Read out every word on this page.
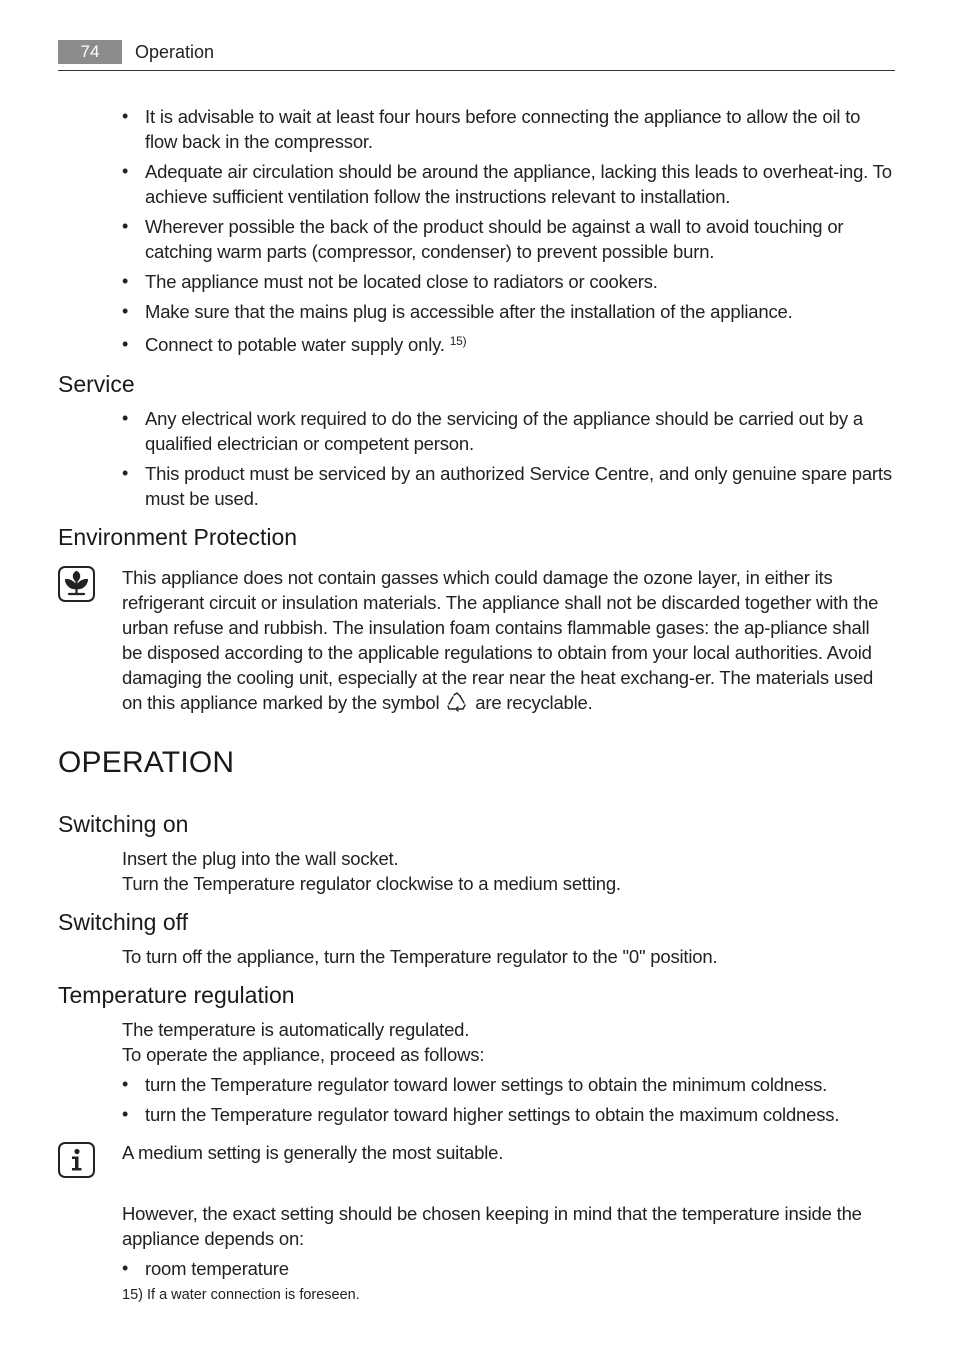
74	Operation
• It is advisable to wait at least four hours before connecting the appliance to allow the oil to flow back in the compressor.
• Adequate air circulation should be around the appliance, lacking this leads to overheat-ing. To achieve sufficient ventilation follow the instructions relevant to installation.
• Wherever possible the back of the product should be against a wall to avoid touching or catching warm parts (compressor, condenser) to prevent possible burn.
• The appliance must not be located close to radiators or cookers.
• Make sure that the mains plug is accessible after the installation of the appliance.
• Connect to potable water supply only. $^{15)}$
Service
• Any electrical work required to do the servicing of the appliance should be carried out by a qualified electrician or competent person.
• This product must be serviced by an authorized Service Centre, and only genuine spare parts must be used.
Environment Protection
This appliance does not contain gasses which could damage the ozone layer, in either its refrigerant circuit or insulation materials. The appliance shall not be discarded together with the urban refuse and rubbish. The insulation foam contains flammable gases: the ap-pliance shall be disposed according to the applicable regulations to obtain from your local authorities. Avoid damaging the cooling unit, especially at the rear near the heat exchang-er. The materials used on this appliance marked by the symbol are recyclable.
OPERATION
Switching on
Insert the plug into the wall socket.
Turn the Temperature regulator clockwise to a medium setting.
Switching off
To turn off the appliance, turn the Temperature regulator to the "0" position.
Temperature regulation
The temperature is automatically regulated.
To operate the appliance, proceed as follows:
• turn the Temperature regulator toward lower settings to obtain the minimum coldness.
• turn the Temperature regulator toward higher settings to obtain the maximum coldness.
A medium setting is generally the most suitable.
However, the exact setting should be chosen keeping in mind that the temperature inside the appliance depends on:
• room temperature
15) If a water connection is foreseen.
